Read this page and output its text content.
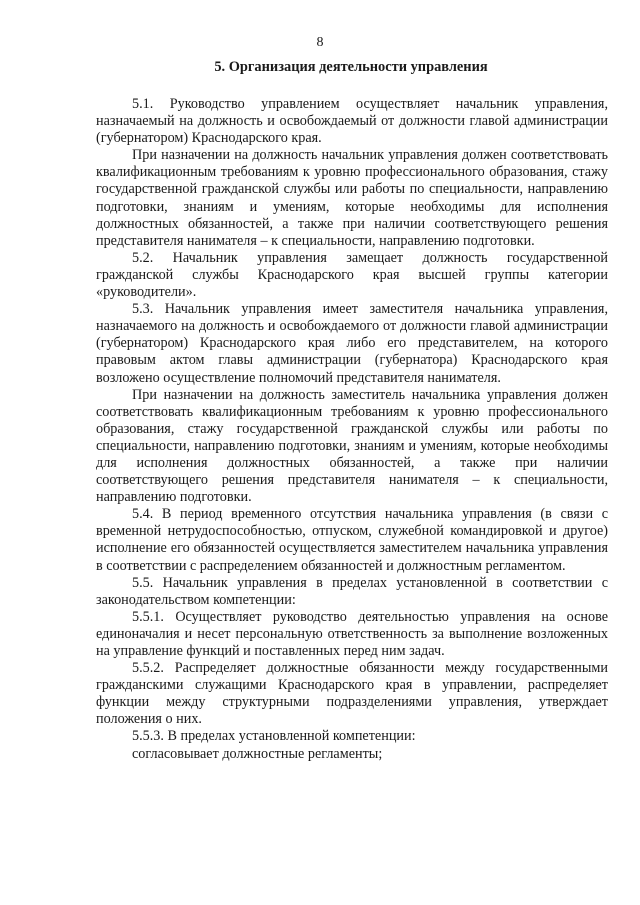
8
5. Организация деятельности управления

5.1. Руководство управлением осуществляет начальник управления, назначаемый на должность и освобождаемый от должности главой администрации (губернатором) Краснодарского края.

При назначении на должность начальник управления должен соответствовать квалификационным требованиям к уровню профессионального образования, стажу государственной гражданской службы или работы по специальности, направлению подготовки, знаниям и умениям, которые необходимы для исполнения должностных обязанностей, а также при наличии соответствующего решения представителя нанимателя – к специальности, направлению подготовки.

5.2. Начальник управления замещает должность государственной гражданской службы Краснодарского края высшей группы категории «руководители».

5.3. Начальник управления имеет заместителя начальника управления, назначаемого на должность и освобождаемого от должности главой администрации (губернатором) Краснодарского края либо его представителем, на которого правовым актом главы администрации (губернатора) Краснодарского края возложено осуществление полномочий представителя нанимателя.

При назначении на должность заместитель начальника управления должен соответствовать квалификационным требованиям к уровню профессионального образования, стажу государственной гражданской службы или работы по специальности, направлению подготовки, знаниям и умениям, которые необходимы для исполнения должностных обязанностей, а также при наличии соответствующего решения представителя нанимателя – к специальности, направлению подготовки.

5.4. В период временного отсутствия начальника управления (в связи с временной нетрудоспособностью, отпуском, служебной командировкой и другое) исполнение его обязанностей осуществляется заместителем начальника управления в соответствии с распределением обязанностей и должностным регламентом.

5.5. Начальник управления в пределах установленной в соответствии с законодательством компетенции:

5.5.1. Осуществляет руководство деятельностью управления на основе единоначалия и несет персональную ответственность за выполнение возложенных на управление функций и поставленных перед ним задач.

5.5.2. Распределяет должностные обязанности между государственными гражданскими служащими Краснодарского края в управлении, распределяет функции между структурными подразделениями управления, утверждает положения о них.

5.5.3. В пределах установленной компетенции:

согласовывает должностные регламенты;
